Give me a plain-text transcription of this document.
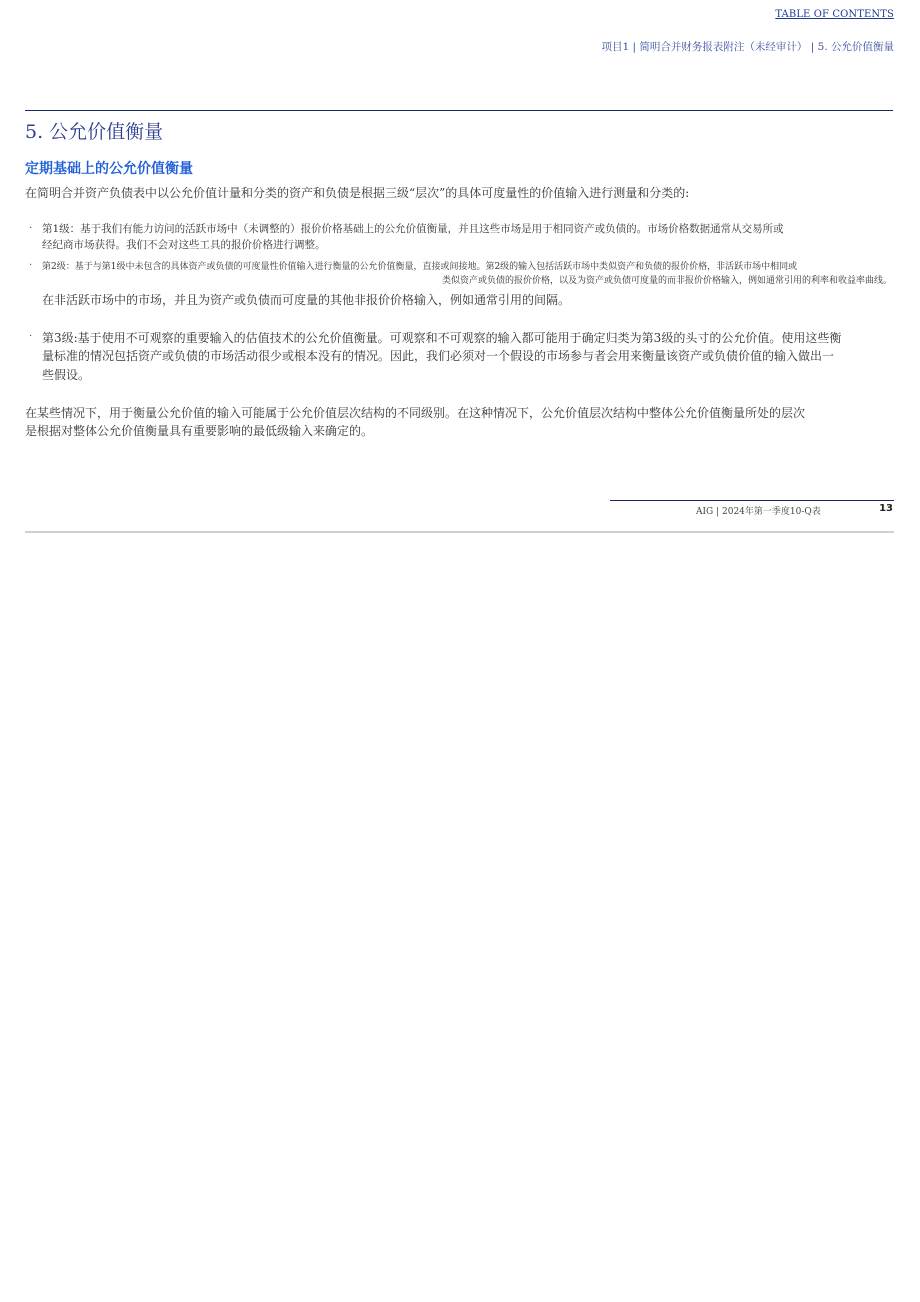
TABLE OF CONTENTS
项目1 | 简明合并财务报表附注（未经审计） | 5. 公允价值衡量
5. 公允价值衡量
定期基础上的公允价值衡量
在简明合并资产负债表中以公允价值计量和分类的资产和负债是根据三级“层次”的具体可度量性的价值输入进行测量和分类的:
· 第1级：基于我们有能力访问的活跃市场中（未调整的）报价价格基础上的公允价值衡量，并且这些市场是用于相同资产或负债的。市场价格数据通常从交易所或
经纪商市场获得。我们不会对这些工具的报价价格进行调整。
· 第2级：基于与第1级中未包含的具体资产或负债的可度量性价值输入进行衡量的公允价值衡量，直接或间接地。第2级的输入包括活跃市场中类似资产和负债的报价价格，非活跃市场中相同或
类似资产或负债的报价价格，以及为资产或负债可度量的而非报价价格输入，例如通常引用的利率和收益率曲线。
在非活跃市场中的市场，并且为资产或负债而可度量的其他非报价价格输入，例如通常引用的间隔。
· 第3级:基于使用不可观察的重要输入的估值技术的公允价值衡量。可观察和不可观察的输入都可能用于确定归类为第3级的头寸的公允价值。使用这些衡
量标准的情况包括资产或负债的市场活动很少或根本没有的情况。因此，我们必须对一个假设的市场参与者会用来衡量该资产或负债价值的输入做出一
些假设。
在某些情况下，用于衡量公允价值的输入可能属于公允价值层次结构的不同级别。在这种情况下，公允价值层次结构中整体公允价值衡量所处的层次
是根据对整体公允价值衡量具有重要影响的最低级输入来确定的。
AIG | 2024年第一季度10-Q表	13
